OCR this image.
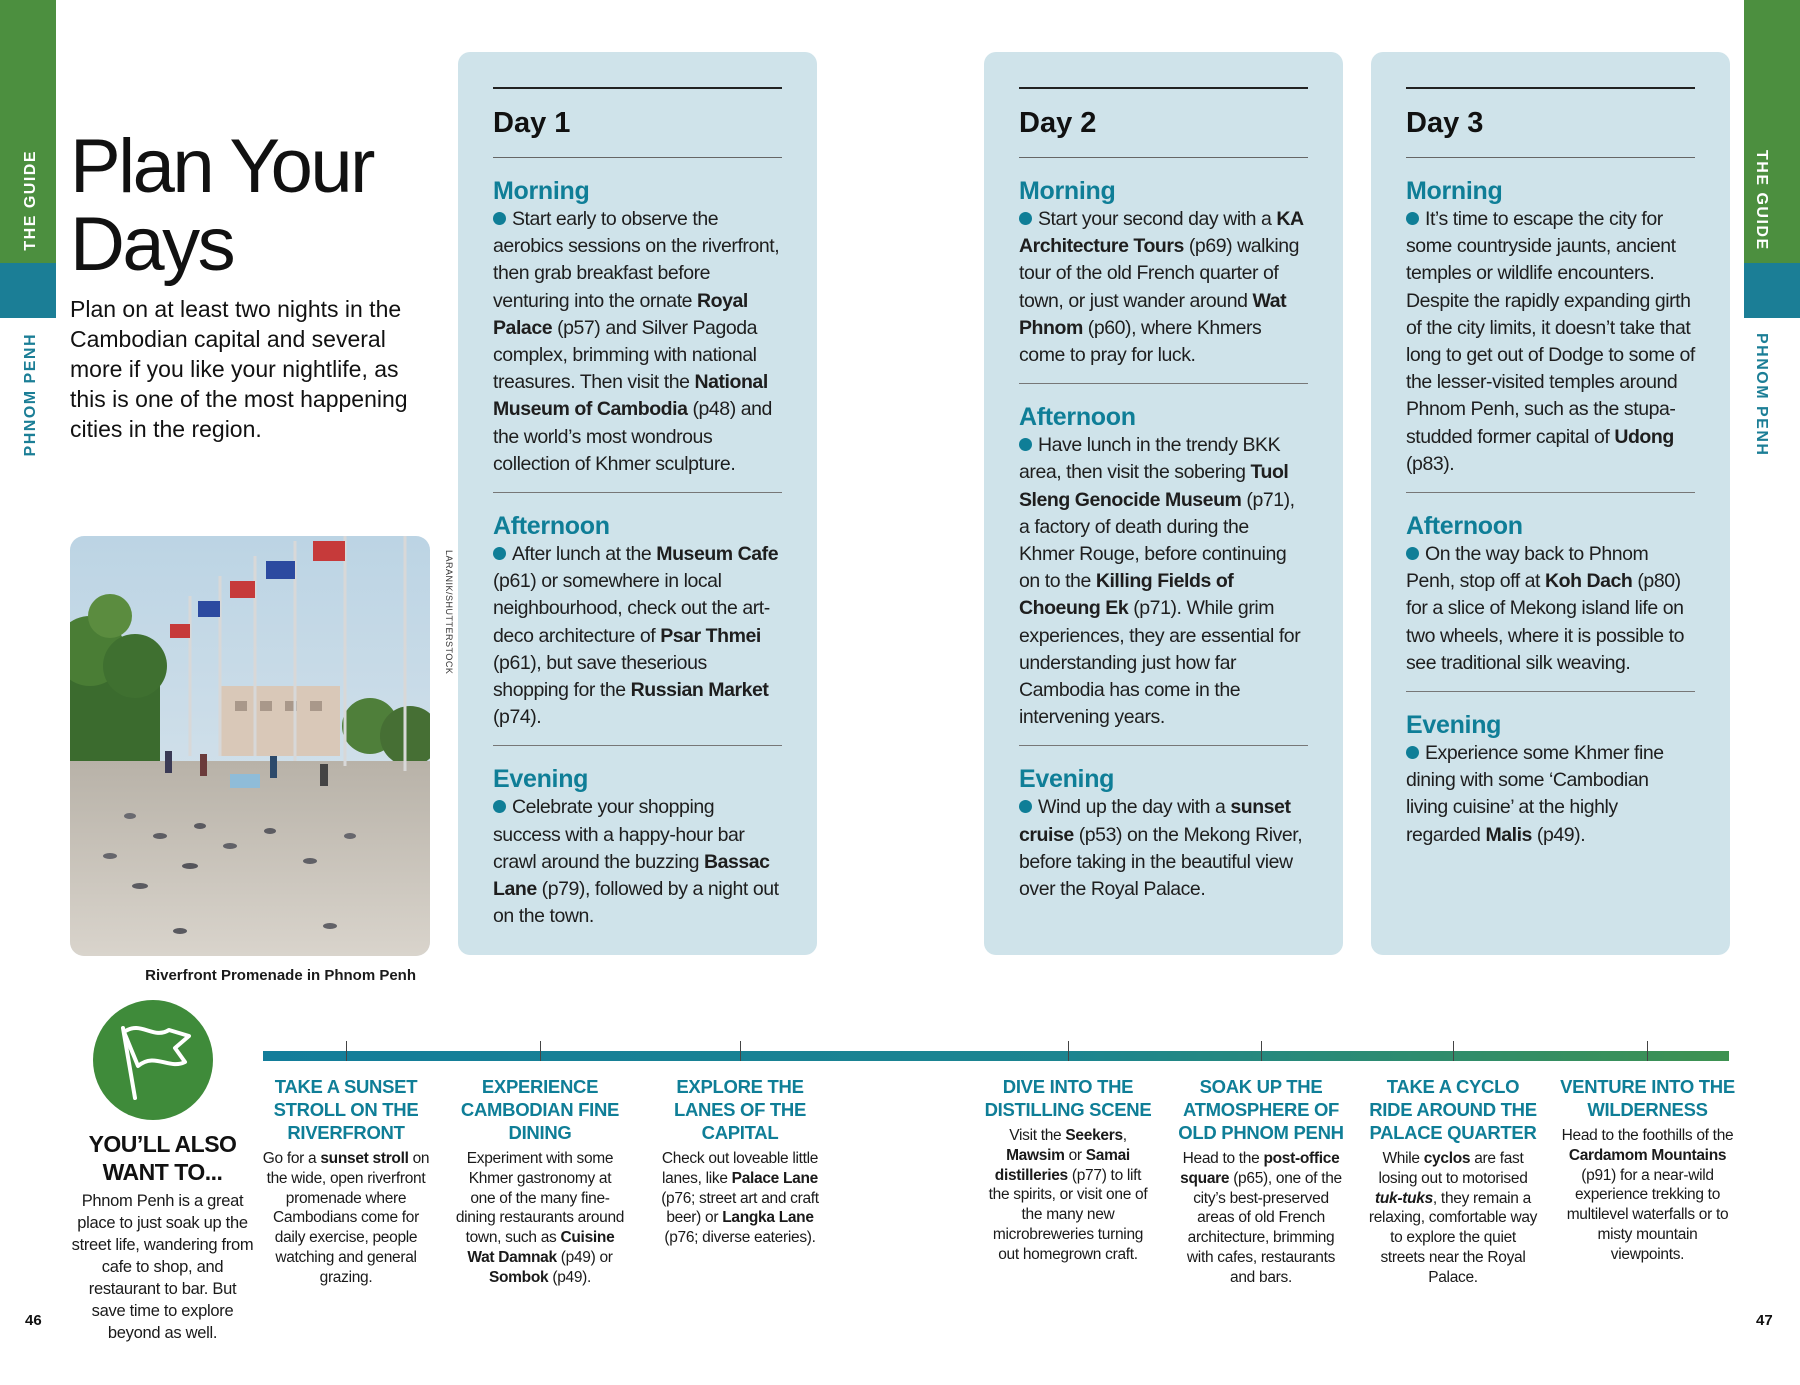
THE GUIDE
PHNOM PENH
THE GUIDE
PHNOM PENH
Plan Your
Days
Plan on at least two nights in the Cambodian capital and several more if you like your nightlife, as this is one of the most happening cities in the region.
LARANIK/SHUTTERSTOCK
Riverfront Promenade in Phnom Penh
Day 1
Morning
Start early to observe the aerobics sessions on the riverfront, then grab breakfast before venturing into the ornate Royal Palace (p57) and Silver Pagoda complex, brimming with national treasures. Then visit the National Museum of Cambodia (p48) and the world’s most wondrous collection of Khmer sculpture.
Afternoon
After lunch at the Museum Cafe (p61) or somewhere in local neighbourhood, check out the art-deco architecture of Psar Thmei (p61), but save theserious shopping for the Russian Market (p74).
Evening
Celebrate your shopping success with a happy-hour bar crawl around the buzzing Bassac Lane (p79), followed by a night out on the town.
Day 2
Morning
Start your second day with a KA Architecture Tours (p69) walking tour of the old French quarter of town, or just wander around Wat Phnom (p60), where Khmers come to pray for luck.
Afternoon
Have lunch in the trendy BKK area, then visit the sobering Tuol Sleng Genocide Museum (p71), a factory of death during the Khmer Rouge, before continuing on to the Killing Fields of Choeung Ek (p71). While grim experiences, they are essential for understanding just how far Cambodia has come in the intervening years.
Evening
Wind up the day with a sunset cruise (p53) on the Mekong River, before taking in the beautiful view over the Royal Palace.
Day 3
Morning
It’s time to escape the city for some countryside jaunts, ancient temples or wildlife encounters. Despite the rapidly expanding girth of the city limits, it doesn’t take that long to get out of Dodge to some of the lesser-visited temples around Phnom Penh, such as the stupa-studded former capital of Udong (p83).
Afternoon
On the way back to Phnom Penh, stop off at Koh Dach (p80) for a slice of Mekong island life on two wheels, where it is possible to see traditional silk weaving.
Evening
Experience some Khmer fine dining with some ‘Cambodian living cuisine’ at the highly regarded Malis (p49).
YOU’LL ALSO WANT TO...
Phnom Penh is a great place to just soak up the street life, wandering from cafe to shop, and restaurant to bar. But save time to explore beyond as well.
TAKE A SUNSET STROLL ON THE RIVERFRONT
Go for a sunset stroll on the wide, open riverfront promenade where Cambodians come for daily exercise, people watching and general grazing.
EXPERIENCE CAMBODIAN FINE DINING
Experiment with some Khmer gastronomy at one of the many fine-dining restaurants around town, such as Cuisine Wat Damnak (p49) or Sombok (p49).
EXPLORE THE LANES OF THE CAPITAL
Check out loveable little lanes, like Palace Lane (p76; street art and craft beer) or Langka Lane (p76; diverse eateries).
DIVE INTO THE DISTILLING SCENE
Visit the Seekers, Mawsim or Samai distilleries (p77) to lift the spirits, or visit one of the many new microbreweries turning out homegrown craft.
SOAK UP THE ATMOSPHERE OF OLD PHNOM PENH
Head to the post-office square (p65), one of the city’s best-preserved areas of old French architecture, brimming with cafes, restaurants and bars.
TAKE A CYCLO RIDE AROUND THE PALACE QUARTER
While cyclos are fast losing out to motorised tuk-tuks, they remain a relaxing, comfortable way to explore the quiet streets near the Royal Palace.
VENTURE INTO THE WILDERNESS
Head to the foothills of the Cardamom Mountains (p91) for a near-wild experience trekking to multilevel waterfalls or to misty mountain viewpoints.
46	47
